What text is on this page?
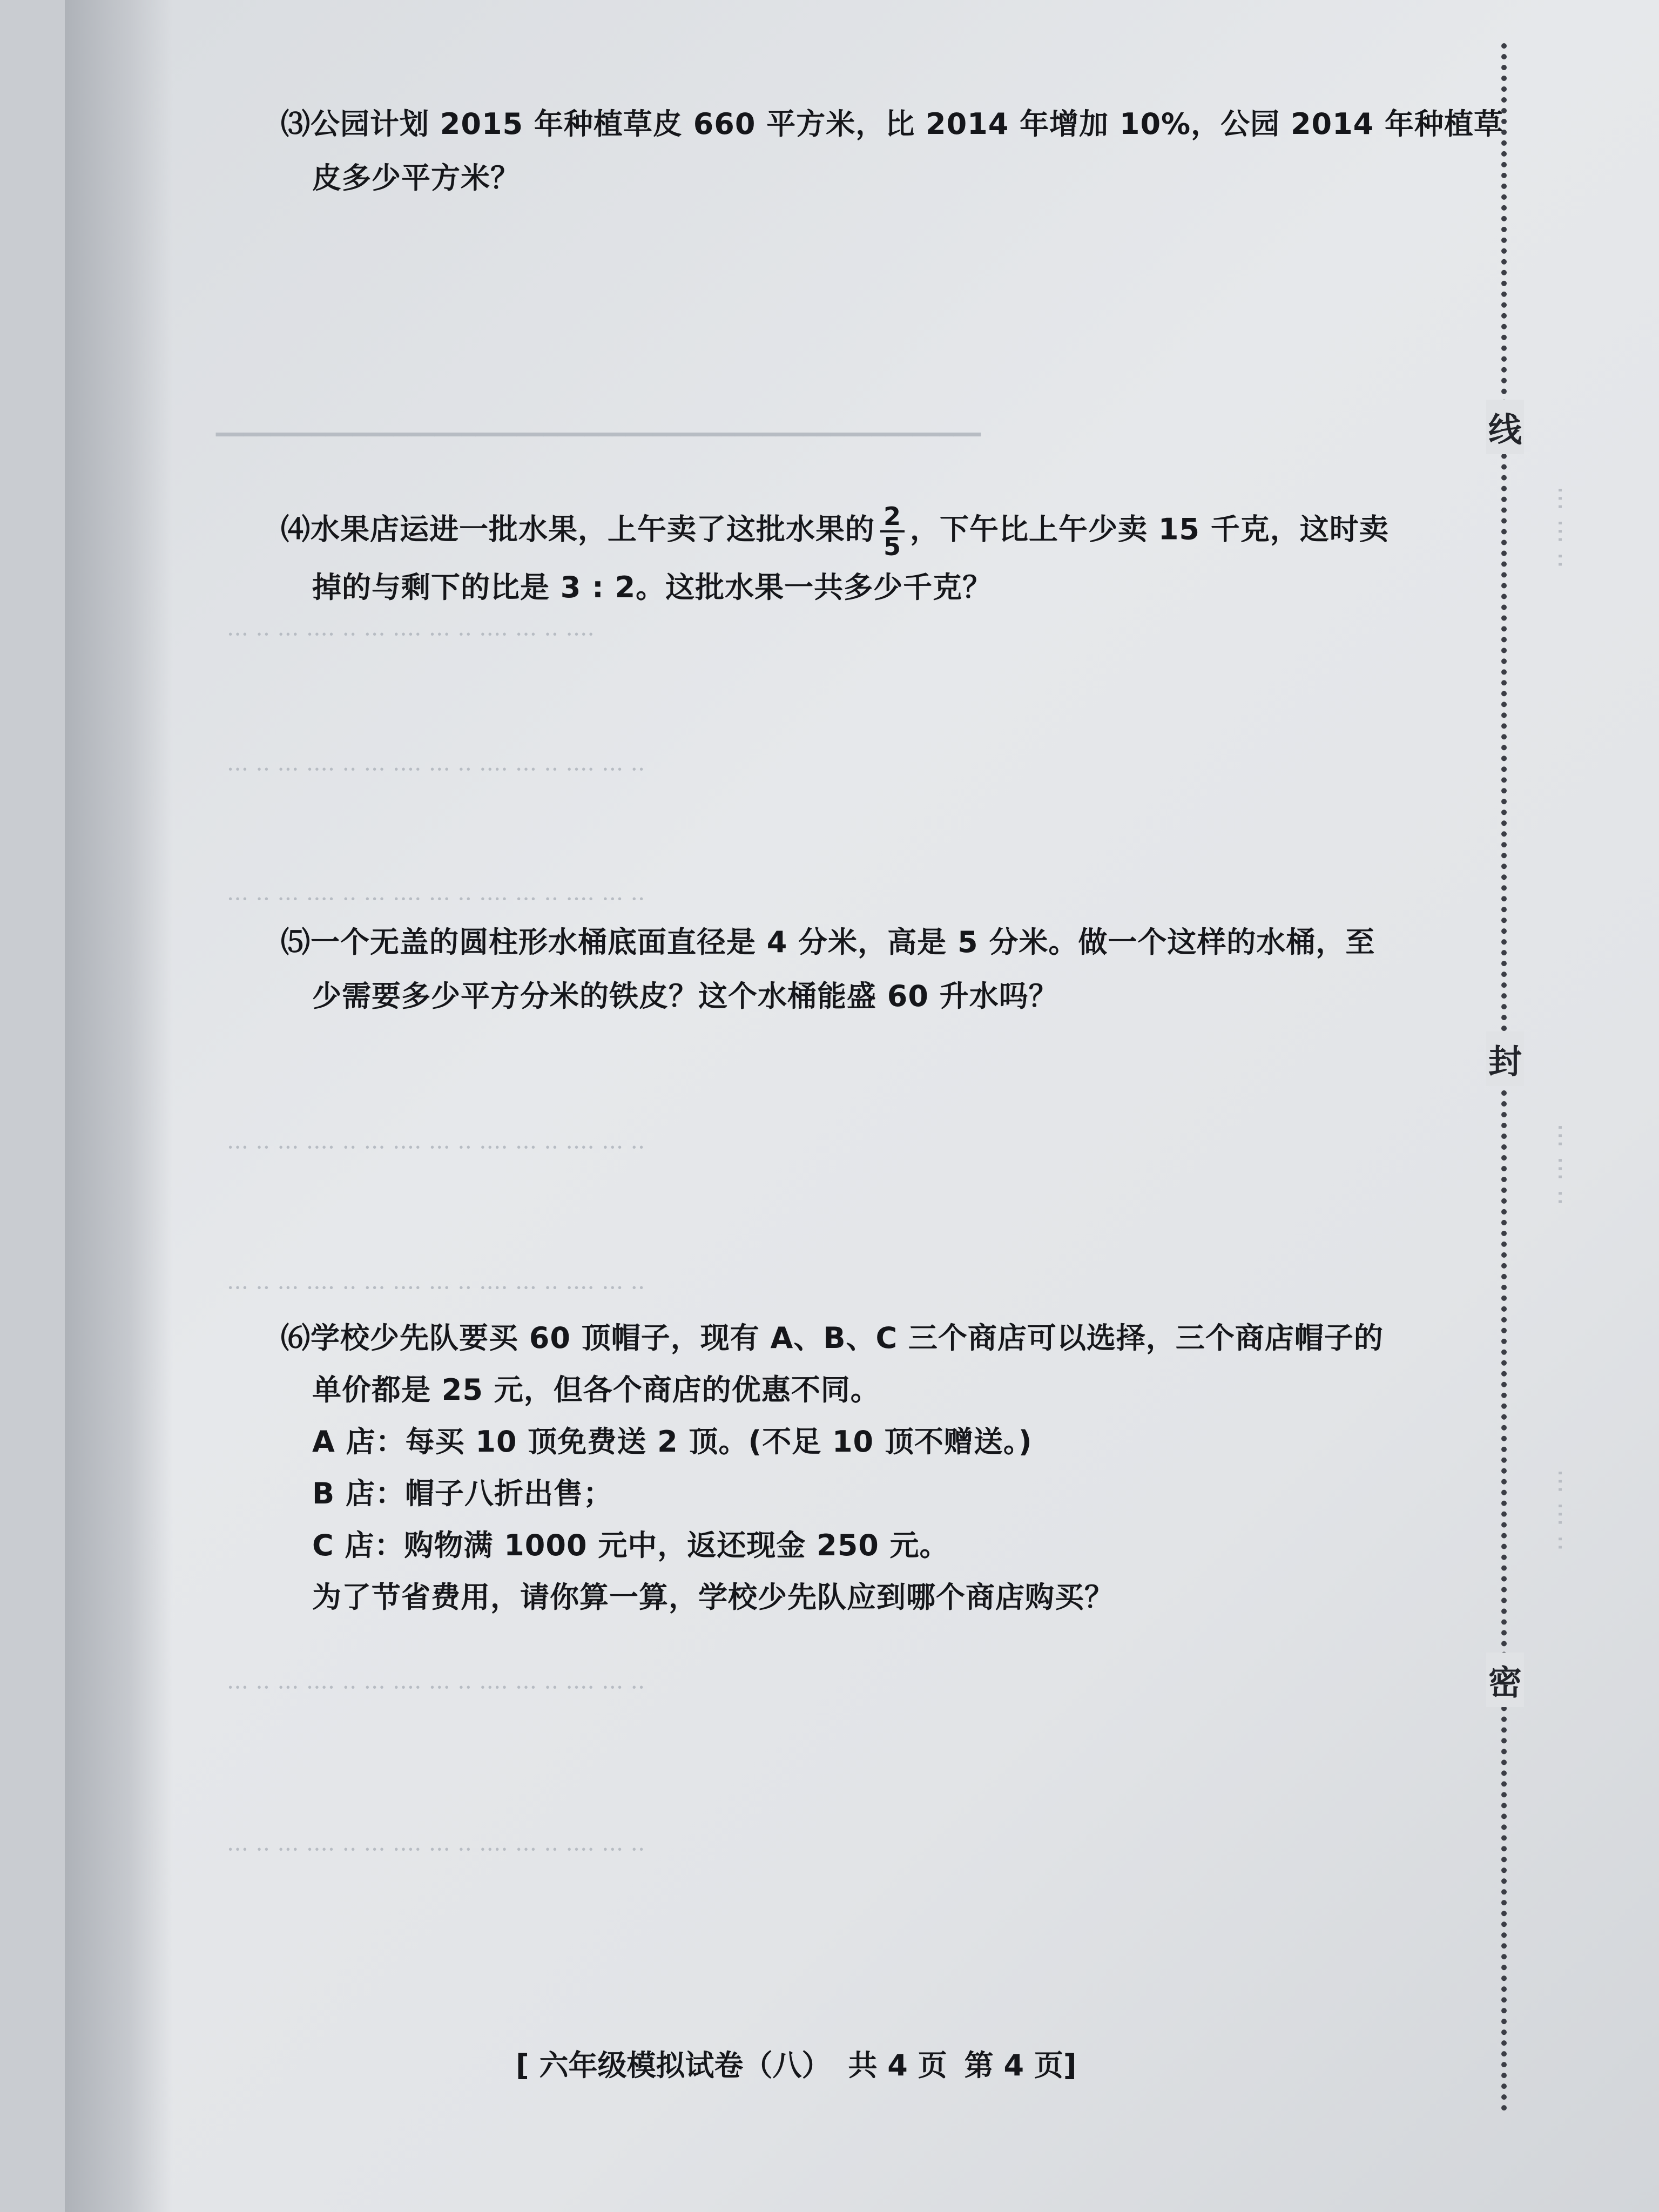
━━━━━━━━━━━━━━━━━━━━━━━━━━━━━━━━━━━━━━━━━━━━━━━━━━━━━━━━
··· ·· ··· ···· ·· ··· ···· ··· ·· ···· ··· ·· ····
··· ·· ··· ···· ·· ··· ···· ··· ·· ···· ··· ·· ···· ··· ··
··· ·· ··· ···· ·· ··· ···· ··· ·· ···· ··· ·· ···· ··· ··
··· ·· ··· ···· ·· ··· ···· ··· ·· ···· ··· ·· ···· ··· ··
··· ·· ··· ···· ·· ··· ···· ··· ·· ···· ··· ·· ···· ··· ··
··· ·· ··· ···· ·· ··· ···· ··· ·· ···· ··· ·· ···· ··· ··
··· ·· ··· ···· ·· ··· ···· ··· ·· ···· ··· ·· ···· ··· ··
⑶公园计划 2015 年种植草皮 660 平方米，比 2014 年增加 10%，公园 2014 年种植草
皮多少平方米？
⑷水果店运进一批水果，上午卖了这批水果的 $\frac{2}{5}$ ，下午比上午少卖 15 千克，这时卖
掉的与剩下的比是 3 : 2。这批水果一共多少千克？
⑸一个无盖的圆柱形水桶底面直径是 4 分米，高是 5 分米。做一个这样的水桶，至
少需要多少平方分米的铁皮？这个水桶能盛 60 升水吗？
⑹学校少先队要买 60 顶帽子，现有 A、B、C 三个商店可以选择，三个商店帽子的
单价都是 25 元，但各个商店的优惠不同。
A 店：每买 10 顶免费送 2 顶。(不足 10 顶不赠送。)
B 店：帽子八折出售；
C 店：购物满 1000 元中，返还现金 250 元。
为了节省费用，请你算一算，学校少先队应到哪个商店购买？
[ 六年级模拟试卷（八） 共 4 页 第 4 页]
线
封
密
··· ··· ··
··· ··· ··
··· ··· ··
